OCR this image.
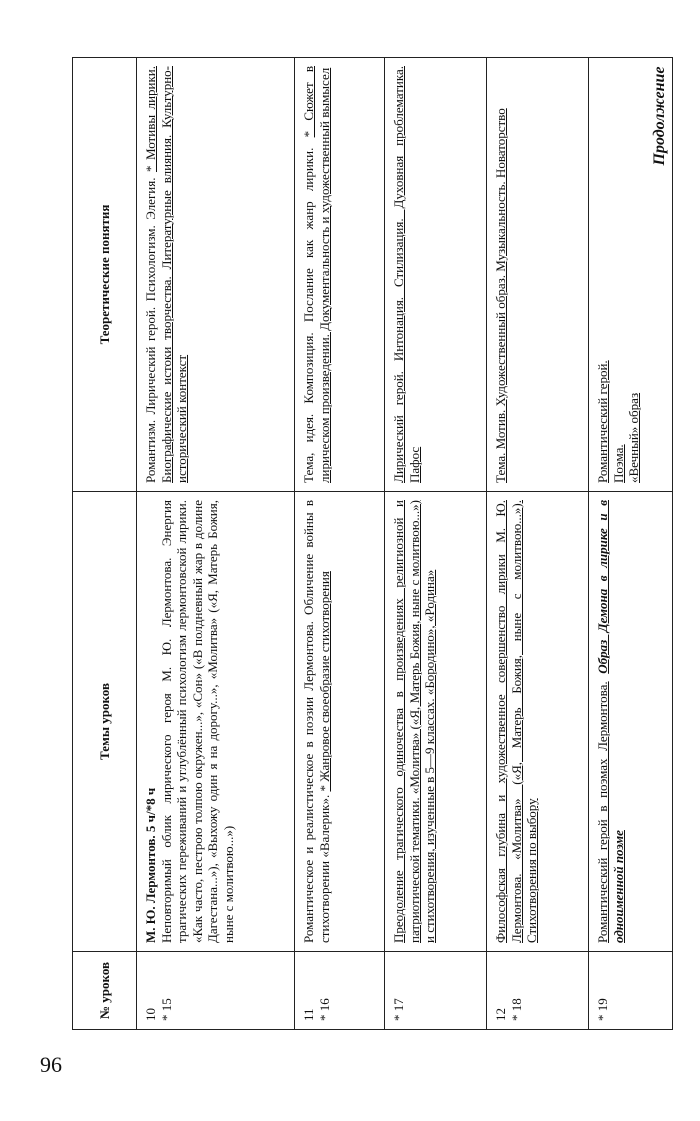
96
Продолжение
№ уроков	Темы уроков	Теоретические понятия

10 * 15	М. Ю. Лермонтов. 5 ч/*8 ч Неповторимый облик лирического героя М. Ю. Лермонтова. Энергия трагических переживаний и углублённый психологизм лермонтовской лирики. «Как часто, пестрою толпою окружен...», «Сон» («В полдневный жар в долине Дагестана...»), «Выхожу один я на дорогу...», «Молитва» («Я, Матерь Божия, ныне с молитвою...»)	Романтизм. Лирический герой. Психологизм. Элегия. * Мотивы лирики. Биографические истоки творчества. Литературные влияния. Культурно-исторический контекст

11 * 16	Романтическое и реалистическое в поэзии Лермонтова. Обличение войны в стихотворении «Валерик». * Жанровое своеобразие стихотворения	Тема, идея. Композиция. Послание как жанр лирики. * Сюжет в лирическом произведении. Документальность и художественный вымысел

* 17	Преодоление трагического одиночества в произведениях религиозной и патриотической тематики. «Молитва» («Я, Матерь Божия, ныне с молитвою...») и стихотворения, изученные в 5—9 классах. «Бородино», «Родина»	Лирический герой. Интонация. Стилизация. Духовная проблематика. Пафос

12 * 18	Философская глубина и художественное совершенство лирики М. Ю. Лермонтова. «Молитва» («Я, Матерь Божия, ныне с молитвою...»). Стихотворения по выбору	Тема. Мотив. Художественный образ. Музыкальность. Новаторство

* 19	Романтический герой в поэмах Лермонтова. Образ Демона в лирике и в одноименной поэме	Романтический герой. Поэма. «Вечный» образ
